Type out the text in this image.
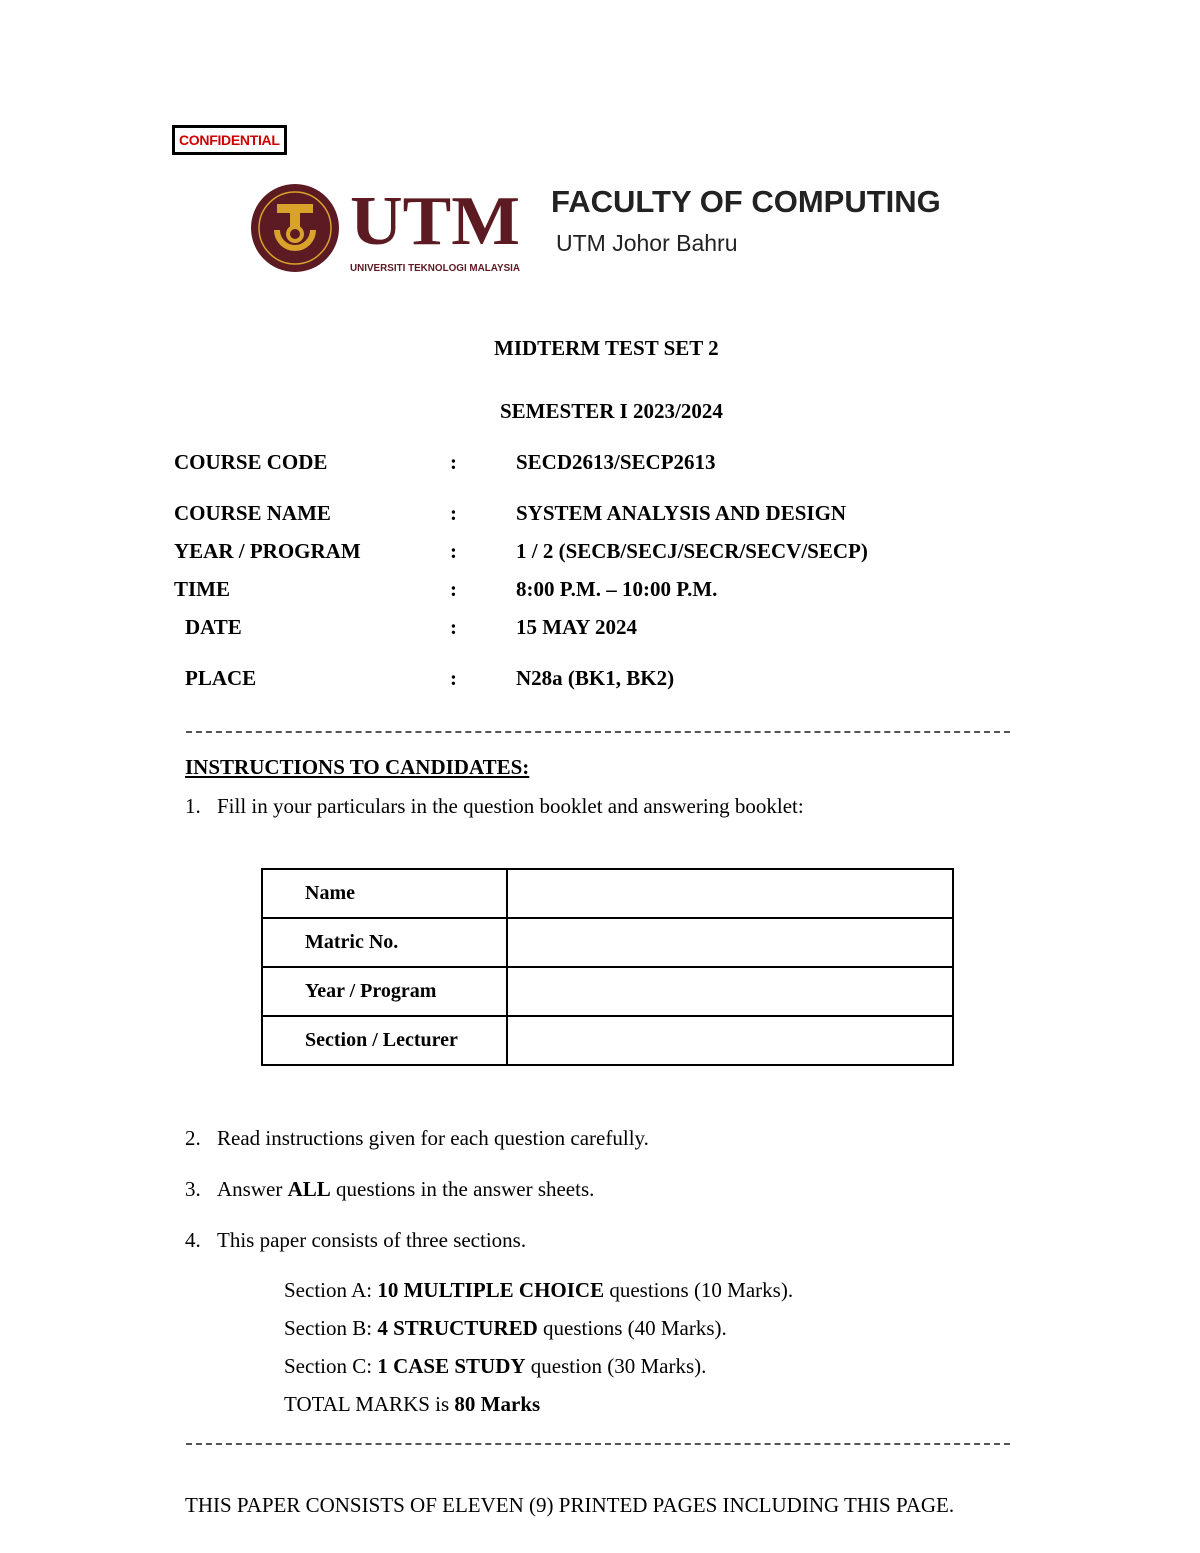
CONFIDENTIAL
UTM
UNIVERSITI TEKNOLOGI MALAYSIA
FACULTY OF COMPUTING
UTM Johor Bahru
MIDTERM TEST SET 2
SEMESTER I 2023/2024
COURSE CODE	:	SECD2613/SECP2613
COURSE NAME	:	SYSTEM ANALYSIS AND DESIGN
YEAR / PROGRAM	:	1 / 2 (SECB/SECJ/SECR/SECV/SECP)
TIME	:	8:00 P.M. – 10:00 P.M.
DATE	:	15 MAY 2024
PLACE	:	N28a (BK1, BK2)
INSTRUCTIONS TO CANDIDATES:
1. Fill in your particulars in the question booklet and answering booklet:
Name	
Matric No.	
Year / Program	
Section / Lecturer	
2. Read instructions given for each question carefully.
3. Answer ALL questions in the answer sheets.
4. This paper consists of three sections.
Section A: 10 MULTIPLE CHOICE questions (10 Marks).
Section B: 4 STRUCTURED questions (40 Marks).
Section C: 1 CASE STUDY question (30 Marks).
TOTAL MARKS is 80 Marks
THIS PAPER CONSISTS OF ELEVEN (9) PRINTED PAGES INCLUDING THIS PAGE.
